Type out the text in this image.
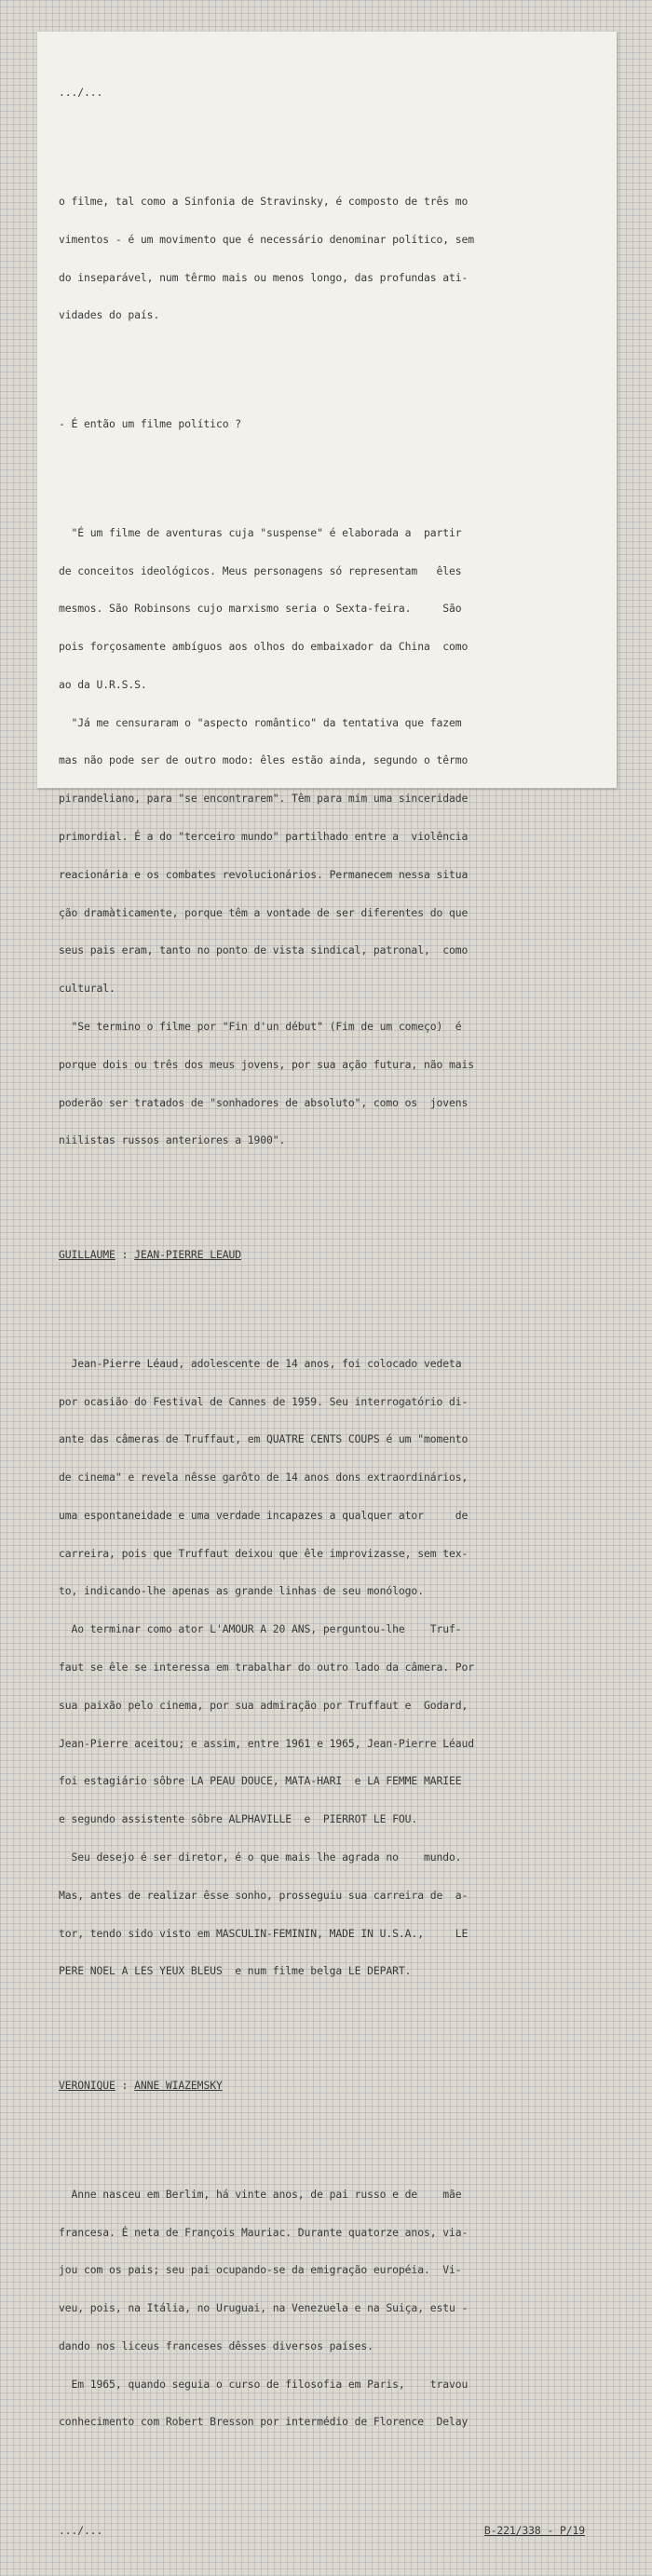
.../...

o filme, tal como a Sinfonia de Stravinsky, é composto de três mo

vimentos - é um movimento que é necessário denominar político, sem

do inseparável, num têrmo mais ou menos longo, das profundas ati-

vidades do país.

- É então um filme político ?

"É um filme de aventuras cuja "suspense" é elaborada a  partir

de conceitos ideológicos. Meus personagens só representam   êles

mesmos. São Robinsons cujo marxismo seria o Sexta-feira.     São

pois forçosamente ambíguos aos olhos do embaixador da China  como

ao da U.R.S.S.

"Já me censuraram o "aspecto romântico" da tentativa que fazem

mas não pode ser de outro modo: êles estão ainda, segundo o têrmo

pirandeliano, para "se encontrarem". Têm para mim uma sinceridade

primordial. É a do "terceiro mundo" partilhado entre a  violência

reacionária e os combates revolucionários. Permanecem nessa situa

ção dramàticamente, porque têm a vontade de ser diferentes do que

seus pais eram, tanto no ponto de vista sindical, patronal,  como

cultural.

"Se termino o filme por "Fin d'un début" (Fim de um começo)  é

porque dois ou três dos meus jovens, por sua ação futura, não mais

poderão ser tratados de "sonhadores de absoluto", como os  jovens

niilistas russos anteriores a 1900".

GUILLAUME : JEAN-PIERRE LEAUD

Jean-Pierre Léaud, adolescente de 14 anos, foi colocado vedeta

por ocasião do Festival de Cannes de 1959. Seu interrogatório di-

ante das câmeras de Truffaut, em QUATRE CENTS COUPS é um "momento

de cinema" e revela nêsse garôto de 14 anos dons extraordinários,

uma espontaneidade e uma verdade incapazes a qualquer ator     de

carreira, pois que Truffaut deixou que êle improvizasse, sem tex-

to, indicando-lhe apenas as grande linhas de seu monólogo.

Ao terminar como ator L'AMOUR A 20 ANS, perguntou-lhe    Truf-

faut se êle se interessa em trabalhar do outro lado da câmera. Por

sua paixão pelo cinema, por sua admiração por Truffaut e  Godard,

Jean-Pierre aceitou; e assim, entre 1961 e 1965, Jean-Pierre Léaud

foi estagiário sôbre LA PEAU DOUCE, MATA-HARI  e LA FEMME MARIEE

e segundo assistente sôbre ALPHAVILLE  e  PIERROT LE FOU.

Seu desejo é ser diretor, é o que mais lhe agrada no    mundo.

Mas, antes de realizar êsse sonho, prosseguiu sua carreira de  a-

tor, tendo sido visto em MASCULIN-FEMININ, MADE IN U.S.A.,     LE

PERE NOEL A LES YEUX BLEUS  e num filme belga LE DEPART.

VERONIQUE : ANNE WIAZEMSKY

Anne nasceu em Berlim, há vinte anos, de pai russo e de    mãe

francesa. É neta de François Mauriac. Durante quatorze anos, via-

jou com os pais; seu pai ocupando-se da emigração européia.  Vi-

veu, pois, na Itália, no Uruguai, na Venezuela e na Suiça, estu -

dando nos liceus franceses dêsses diversos países.

Em 1965, quando seguia o curso de filosofia em Paris,    travou

conhecimento com Robert Bresson por intermédio de Florence  Delay

.../...

	B-221/338 - P/19
